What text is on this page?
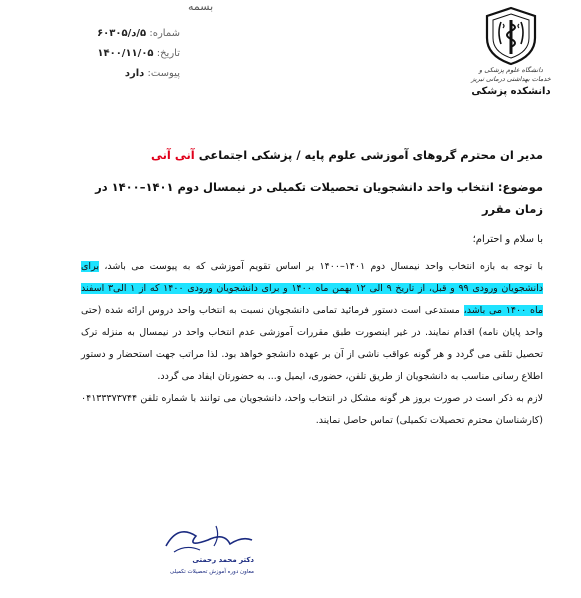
بسمه
شماره: ۵/د/۶۰۳۰۵
تاریخ: ۱۴۰۰/۱۱/۰۵
پیوست: دارد	دانشگاه علوم پزشکی و خدمات بهداشتی درمانی تبریز
دانشکده پزشکی
مدیر ان محترم گروهای آموزشی علوم پایه / پزشکی اجتماعی آنی آنی
موضوع: انتخاب واحد دانشجویان تحصیلات تکمیلی در نیمسال دوم ۱۴۰۱–۱۴۰۰ در زمان مقرر
با سلام و احترام؛

با توجه به بازه انتخاب واحد نیمسال دوم ۱۴۰۱–۱۴۰۰ بر اساس تقویم آموزشی که به پیوست می باشد، برای دانشجویان ورودی ۹۹ و قبل، از تاریخ ۹ الی ۱۲ بهمن ماه ۱۴۰۰ و برای دانشجویان ورودی ۱۴۰۰ که از ۱ الی۳ اسفند ماه ۱۴۰۰ می باشد، مستدعی است دستور فرمائید تمامی دانشجویان نسبت به انتخاب واحد دروس ارائه شده (حتی واحد پایان نامه) اقدام نمایند. در غیر اینصورت طبق مقررات آموزشی عدم انتخاب واحد در نیمسال به منزله ترک تحصیل تلقی می گردد و هر گونه عواقب ناشی از آن بر عهده دانشجو خواهد بود. لذا مراتب جهت استحضار و دستور اطلاع رسانی مناسب به دانشجویان از طریق تلفن، حضوری، ایمیل و... به حضورتان ایفاد می گردد.

لازم به ذکر است در صورت بروز هر گونه مشکل در انتخاب واحد، دانشجویان می توانند با شماره تلفن ۰۴۱۳۳۳۷۳۷۴۴ (کارشناسان محترم تحصیلات تکمیلی) تماس حاصل نمایند.

دکتر محمد رحمتی
معاون دوره آموزش تحصیلات تکمیلی
